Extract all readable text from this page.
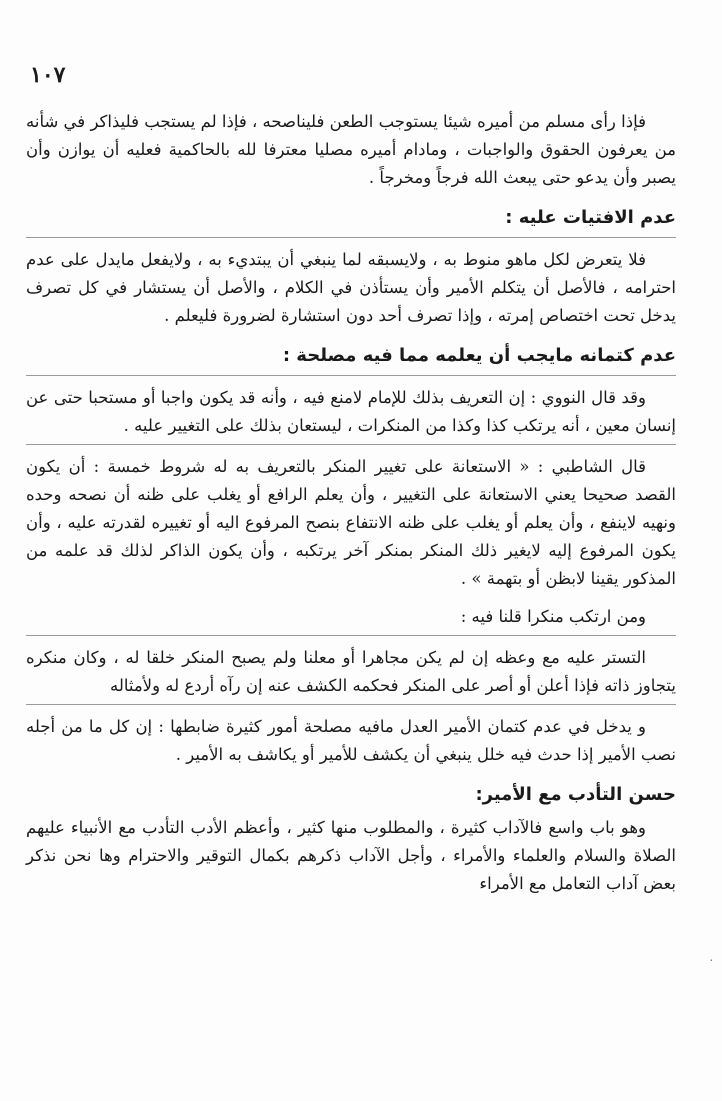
١٠٧

فإذا رأى مسلم من أميره شيئا يستوجب الطعن فليناصحه ، فإذا لم يستجب فليذاكر في شأنه من يعرفون الحقوق والواجبات ، ومادام أميره مصليا معترفا لله بالحاكمية فعليه أن يوازن وأن يصبر وأن يدعو حتى يبعث الله فرجاً ومخرجاً .

عدم الافتيات عليه :

فلا يتعرض لكل ماهو منوط به ، ولايسبقه لما ينبغي أن يبتديء به ، ولايفعل مايدل على عدم احترامه ، فالأصل أن يتكلم الأمير وأن يستأذن في الكلام ، والأصل أن يستشار في كل تصرف يدخل تحت اختصاص إمرته ، وإذا تصرف أحد دون استشارة لضرورة فليعلم .

عدم كتمانه مايجب أن يعلمه مما فيه مصلحة :

وقد قال النووي : إن التعريف بذلك للإمام لامنع فيه ، وأنه قد يكون واجبا أو مستحبا حتى عن إنسان معين ، أنه يرتكب كذا وكذا من المنكرات ، ليستعان بذلك على التغيير عليه .

قال الشاطبي : « الاستعانة على تغيير المنكر بالتعريف به له شروط خمسة : أن يكون القصد صحيحا يعني الاستعانة على التغيير ، وأن يعلم الرافع أو يغلب على ظنه أن نصحه وحده ونهيه لاينفع ، وأن يعلم أو يغلب على ظنه الانتفاع بنصح المرفوع اليه أو تغييره لقدرته عليه ، وأن يكون المرفوع إليه لايغير ذلك المنكر بمنكر آخر يرتكبه ، وأن يكون الذاكر لذلك قد علمه من المذكور يقينا لابظن أو بتهمة » .

ومن ارتكب منكرا قلنا فيه :

التستر عليه مع وعظه إن لم يكن مجاهرا أو معلنا ولم يصبح المنكر خلقا له ، وكان منكره يتجاوز ذاته فإذا أعلن أو أصر على المنكر فحكمه الكشف عنه إن رآه أردع له ولأمثاله

و يدخل في عدم كتمان الأمير العدل مافيه مصلحة أمور كثيرة ضابطها : إن كل ما من أجله نصب الأمير إذا حدث فيه خلل ينبغي أن يكشف للأمير أو يكاشف به الأمير .

حسن التأدب مع الأمير:

وهو باب واسع فالآداب كثيرة ، والمطلوب منها كثير ، وأعظم الأدب التأدب مع الأنبياء عليهم الصلاة والسلام والعلماء والأمراء ، وأجل الآداب ذكرهم بكمال التوقير والاحترام وها نحن نذكر بعض آداب التعامل مع الأمراء

٠
